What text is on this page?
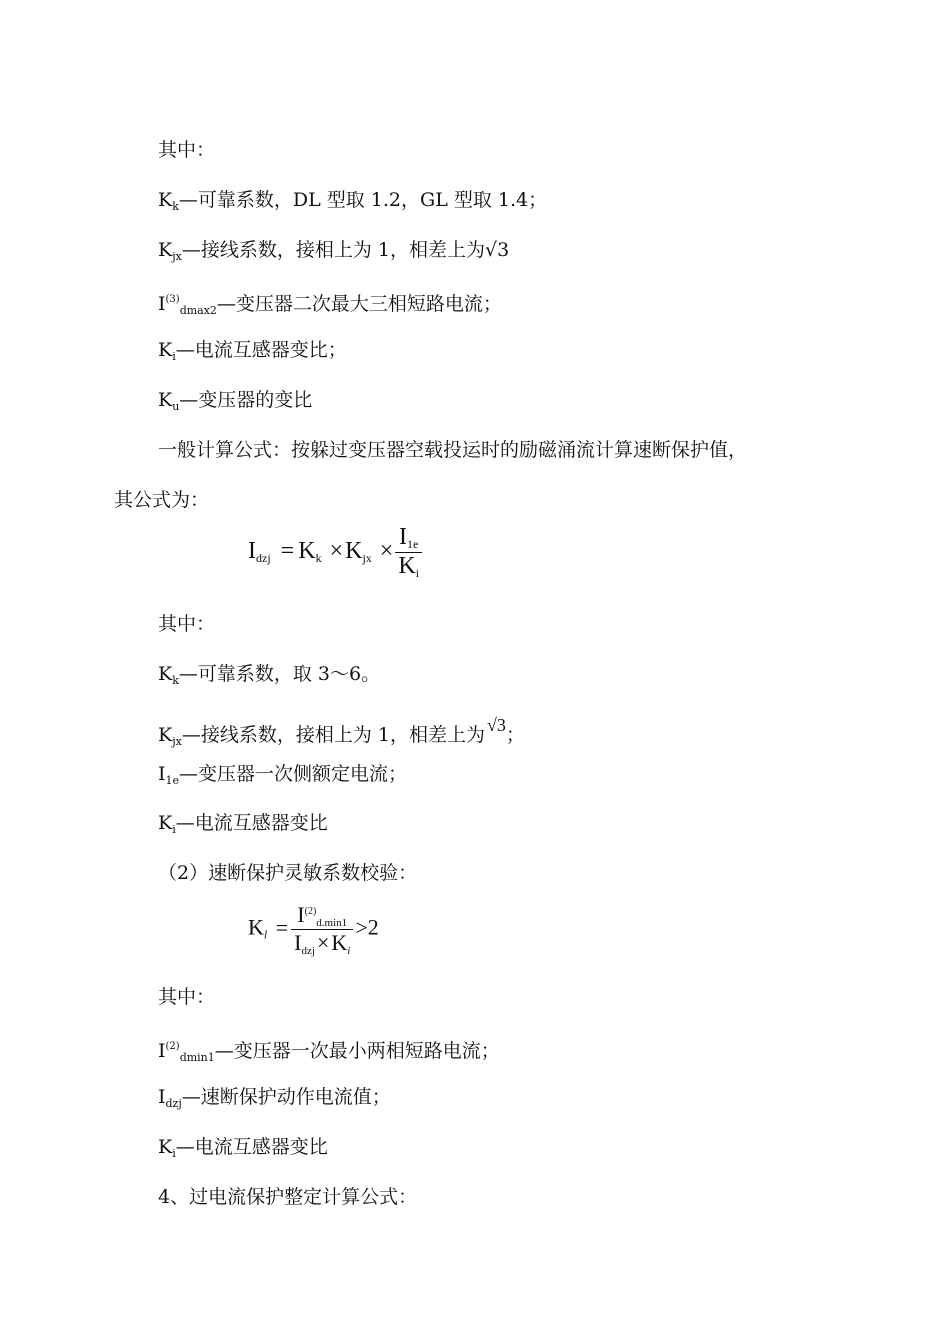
其中：
$K_k—$可靠系数，DL 型取 1.2，GL 型取 1.4；
$K_{jx}—$接线系数，接相上为 1，相差上为√3
$I^{(3)}_{dmax2}—$变压器二次最大三相短路电流；
$K_i—$电流互感器变比；
$K_u—$变压器的变比
一般计算公式：按躲过变压器空载投运时的励磁涌流计算速断保护值，
其公式为：
$I_{dzj} = K_k \times K_{jx} \times \frac{I_{1e}}{K_i}$
其中：
$K_k—$可靠系数，取 3～6。
$K_{jx}—$接线系数，接相上为 1，相差上为 √3；
$I_{1e}—$变压器一次侧额定电流；
$K_i—$电流互感器变比
（2）速断保护灵敏系数校验：
$K_l = \frac{I^{(2)}_{d.min1}}{I_{dzj}\times K_i} >2$
其中：
$I^{(2)}_{dmin1}—$变压器一次最小两相短路电流；
$I_{dzj}—$速断保护动作电流值；
$K_i—$电流互感器变比
4、过电流保护整定计算公式：
